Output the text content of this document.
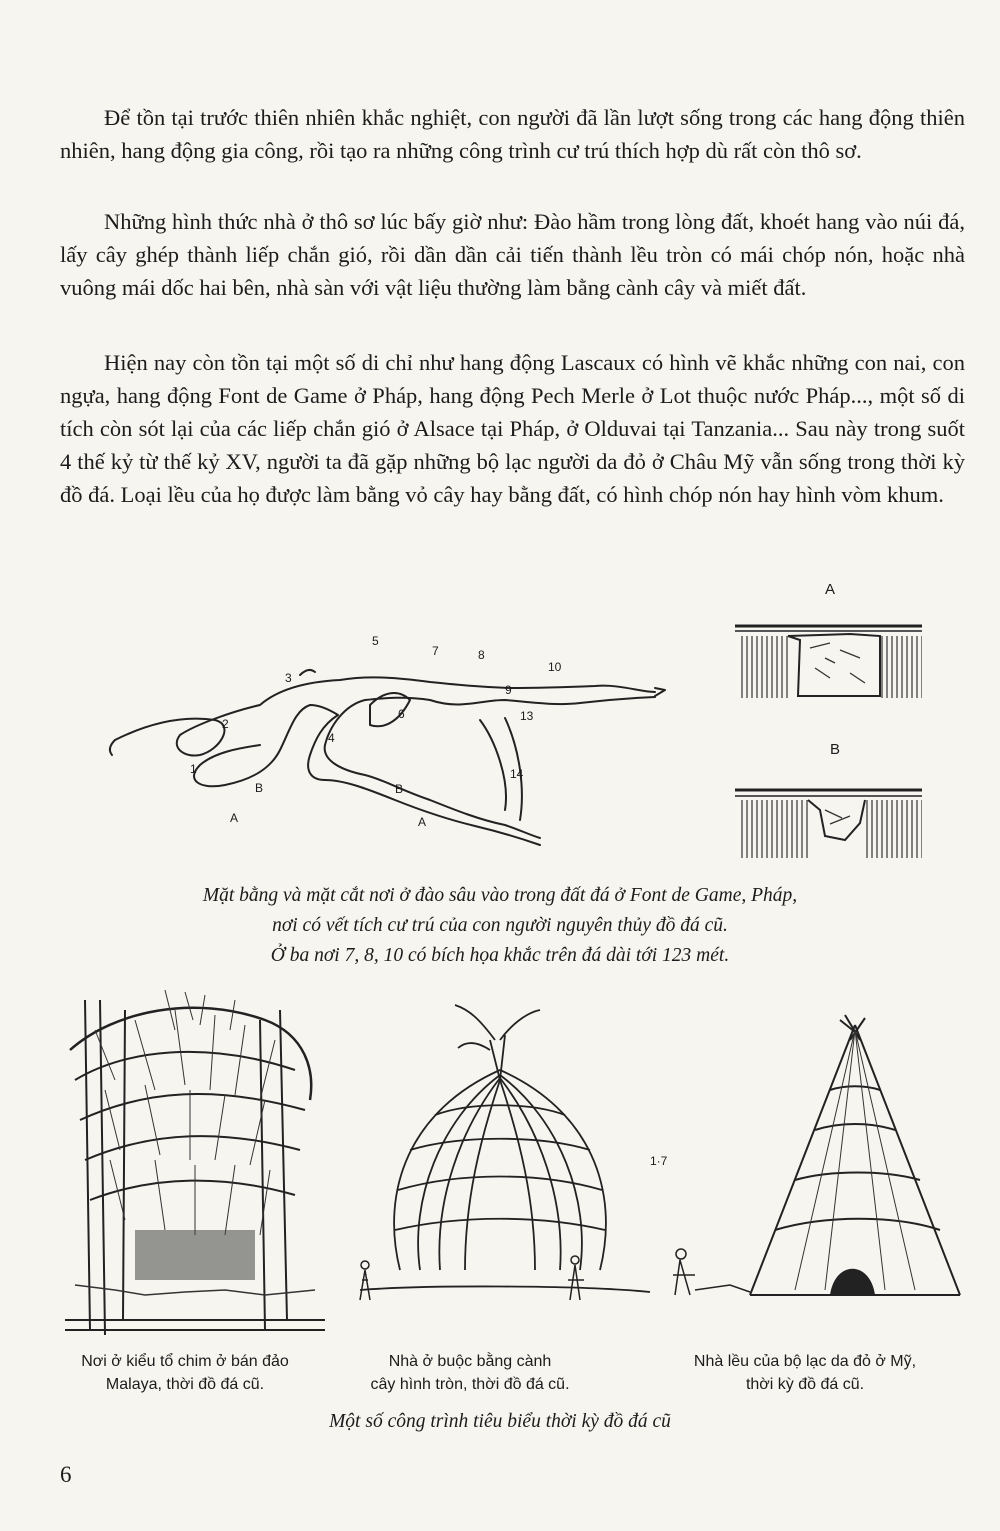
Để tồn tại trước thiên nhiên khắc nghiệt, con người đã lần lượt sống trong các hang động thiên nhiên, hang động gia công, rồi tạo ra những công trình cư trú thích hợp dù rất còn thô sơ.

Những hình thức nhà ở thô sơ lúc bấy giờ như: Đào hầm trong lòng đất, khoét hang vào núi đá, lấy cây ghép thành liếp chắn gió, rồi dần dần cải tiến thành lều tròn có mái chóp nón, hoặc nhà vuông mái dốc hai bên, nhà sàn với vật liệu thường làm bằng cành cây và miết đất.

Hiện nay còn tồn tại một số di chỉ như hang động Lascaux có hình vẽ khắc những con nai, con ngựa, hang động Font de Game ở Pháp, hang động Pech Merle ở Lot thuộc nước Pháp..., một số di tích còn sót lại của các liếp chắn gió ở Alsace tại Pháp, ở Olduvai tại Tanzania... Sau này trong suốt 4 thế kỷ từ thế kỷ XV, người ta đã gặp những bộ lạc người da đỏ ở Châu Mỹ vẫn sống trong thời kỳ đồ đá. Loại lều của họ được làm bằng vỏ cây hay bằng đất, có hình chóp nón hay hình vòm khum.

1
2
3
4
5
6
7	8
9
10
13
14
A
B
A
B
A
B
Mặt bằng và mặt cắt nơi ở đào sâu vào trong đất đá ở Font de Game, Pháp,
nơi có vết tích cư trú của con người nguyên thủy đồ đá cũ.
Ở ba nơi 7, 8, 10 có bích họa khắc trên đá dài tới 123 mét.
1·7
Nơi ở kiểu tổ chim ở bán đảo
Malaya, thời đồ đá cũ.
Nhà ở buộc bằng cành
cây hình tròn, thời đồ đá cũ.
Nhà lều của bộ lạc da đỏ ở Mỹ,
thời kỳ đồ đá cũ.
Một số công trình tiêu biểu thời kỳ đồ đá cũ
6
